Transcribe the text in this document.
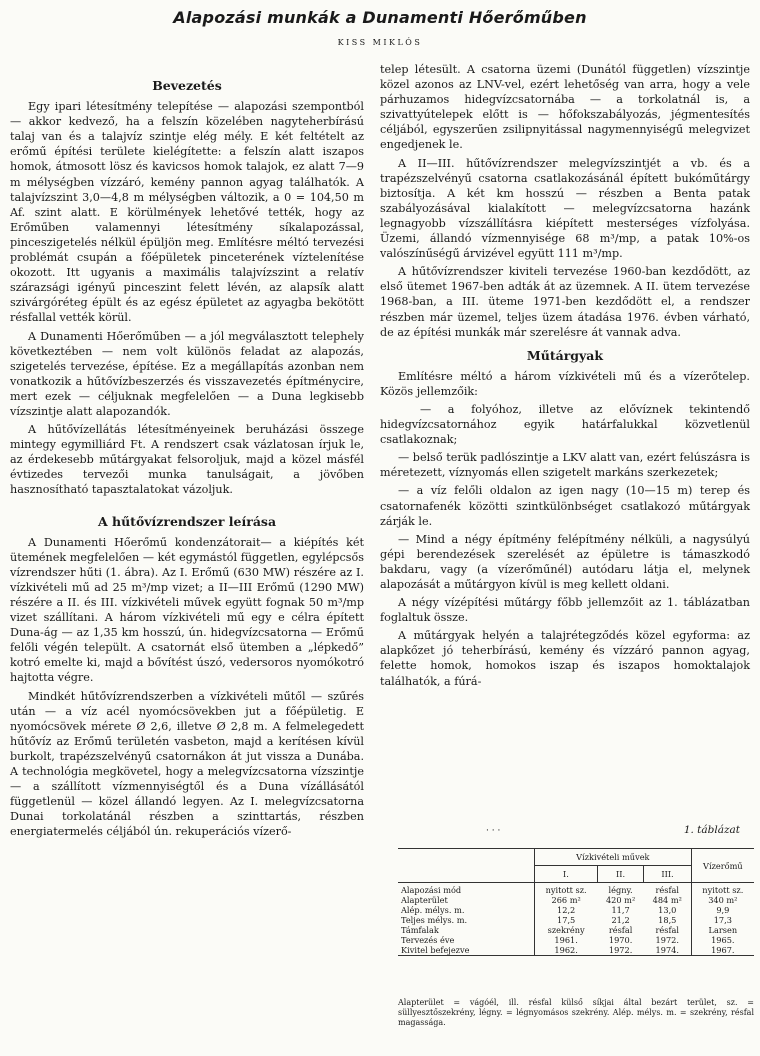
Alapozási munkák a Dunamenti Hőerőműben
KISS MIKLÓS
Bevezetés

Egy ipari létesítmény telepítése — alapozási szempontból — akkor kedvező, ha a felszín közelében nagyteherbírású talaj van és a talajvíz szintje elég mély. E két feltételt az erőmű építési területe kielégítette: a felszín alatt iszapos homok, átmosott lösz és kavicsos homok talajok, ez alatt 7—9 m mélységben vízzáró, kemény pannon agyag találhatók. A talajvízszint 3,0—4,8 m mélységben változik, a 0 = 104,50 m Af. szint alatt. E körülmények lehetővé tették, hogy az Erőműben valamennyi létesítmény síkalapozással, pinceszigetelés nélkül épüljön meg. Említésre méltó tervezési problémát csupán a főépületek pinceterének víztelenítése okozott. Itt ugyanis a maximális talajvízszint a relatív szárazsági igényű pinceszint felett lévén, az alapsík alatt szivárgóréteg épült és az egész épületet az agyagba bekötött résfallal vették körül.

A Dunamenti Hőerőműben — a jól megválasztott telephely következtében — nem volt különös feladat az alapozás, szigetelés tervezése, építése. Ez a megállapítás azonban nem vonatkozik a hűtővízbeszerzés és visszavezetés építménycire, mert ezek — céljuknak megfelelően — a Duna legkisebb vízszintje alatt alapozandók.

A hűtővízellátás létesítményeinek beruházási összege mintegy egymilliárd Ft. A rendszert csak vázlatosan írjuk le, az érdekesebb műtárgyakat felsoroljuk, majd a közel másfél évtizedes tervezői munka tanulságait, a jövőben hasznosítható tapasztalatokat vázoljuk.

A hűtővízrendszer leírása

A Dunamenti Hőerőmű kondenzátorait— a kiépítés két ütemének megfelelően — két egymástól független, egylépcsős vízrendszer hűti (1. ábra). Az I. Erőmű (630 MW) részére az I. vízkivételi mű ad 25 m³/mp vizet; a II—III Erőmű (1290 MW) részére a II. és III. vízkivételi művek együtt fognak 50 m³/mp vizet szállítani. A három vízkivételi mű egy e célra épített Duna-ág — az 1,35 km hosszú, ún. hidegvízcsatorna — Erőmű felőli végén települt. A csatornát első ütemben a „lépkedő” kotró emelte ki, majd a bővítést úszó, vedersoros nyomókotró hajtotta végre.

Mindkét hűtővízrendszerben a vízkivételi műtől — szűrés után — a víz acél nyomócsövekben jut a főépületig. E nyomócsövek mérete Ø 2,6, illetve Ø 2,8 m. A felmelegedett hűtővíz az Erőmű területén vasbeton, majd a kerítésen kívül burkolt, trapézszelvényű csatornákon át jut vissza a Dunába. A technológia megkövetel, hogy a melegvízcsatorna vízszintje — a szállított vízmennyiségtől és a Duna vízállásától függetlenül — közel állandó legyen. Az I. melegvízcsatorna Dunai torkolatánál részben a szinttartás, részben energiatermelés céljából ún. rekuperációs vízerő-

telep létesült. A csatorna üzemi (Dunától független) vízszintje közel azonos az LNV-vel, ezért lehetőség van arra, hogy a vele párhuzamos hidegvízcsatornába — a torkolatnál is, a szivattyútelepek előtt is — hőfokszabályozás, jégmentesítés céljából, egyszerűen zsilipnyitással nagymennyiségű melegvizet engedjenek le.

A II—III. hűtővízrendszer melegvízszintjét a vb. és a trapézszelvényű csatorna csatlakozásánál épített bukóműtárgy biztosítja. A két km hosszú — részben a Benta patak szabályozásával kialakított — melegvízcsatorna hazánk legnagyobb vízszállításra kiépített mesterséges vízfolyása. Üzemi, állandó vízmennyisége 68 m³/mp, a patak 10%-os valószínűségű árvizével együtt 111 m³/mp.

A hűtővízrendszer kiviteli tervezése 1960-ban kezdődött, az első ütemet 1967-ben adták át az üzemnek. A II. ütem tervezése 1968-ban, a III. üteme 1971-ben kezdődött el, a rendszer részben már üzemel, teljes üzem átadása 1976. évben várható, de az építési munkák már szerelésre át vannak adva.

Műtárgyak

Említésre méltó a három vízkivételi mű és a vízerőtelep. Közös jellemzőik:

— a folyóhoz, illetve az elővíznek tekintendő hidegvízcsatornához egyik határfalukkal közvetlenül csatlakoznak;

— belső terük padlószintje a LKV alatt van, ezért felúszásra is méretezett, víznyomás ellen szigetelt markáns szerkezetek;

— a víz felőli oldalon az igen nagy (10—15 m) terep és csatornafenék közötti szintkülönbséget csatlakozó műtárgyak zárják le.

— Mind a négy építmény felépítmény nélküli, a nagysúlyú gépi berendezések szerelését az épületre is támaszkodó bakdaru, vagy (a vízerőműnél) autódaru látja el, melynek alapozását a műtárgyon kívül is meg kellett oldani.

A négy vízépítési műtárgy főbb jellemzőit az 1. táblázatban foglaltuk össze.

A műtárgyak helyén a talajrétegződés közel egyforma: az alapkőzet jó teherbírású, kemény és vízzáró pannon agyag, felette homok, homokos iszap és iszapos homoktalajok találhatók, a fúrá-

· · ·	1. táblázat
	Vízkivételi művek			Vízerőmű
	I.	II.	III.	
Alapozási mód	nyitott sz.	légny.	résfal	nyitott sz.
Alapterület	266 m²	420 m²	484 m²	340 m²
Alép. mélys. m.	12,2	11,7	13,0	9,9
Teljes mélys. m.	17,5	21,2	18,5	17,3
Támfalak	szekrény	résfal	résfal	Larsen
Tervezés éve	1961.	1970.	1972.	1965.
Kivitel befejezve	1962.	1972.	1974.	1967.
Alapterület = vágóél, ill. résfal külső síkjai által bezárt terület, sz. = süllyesztőszekrény, légny. = légnyomásos szekrény. Alép. mélys. m. = szekrény, résfal magassága.
